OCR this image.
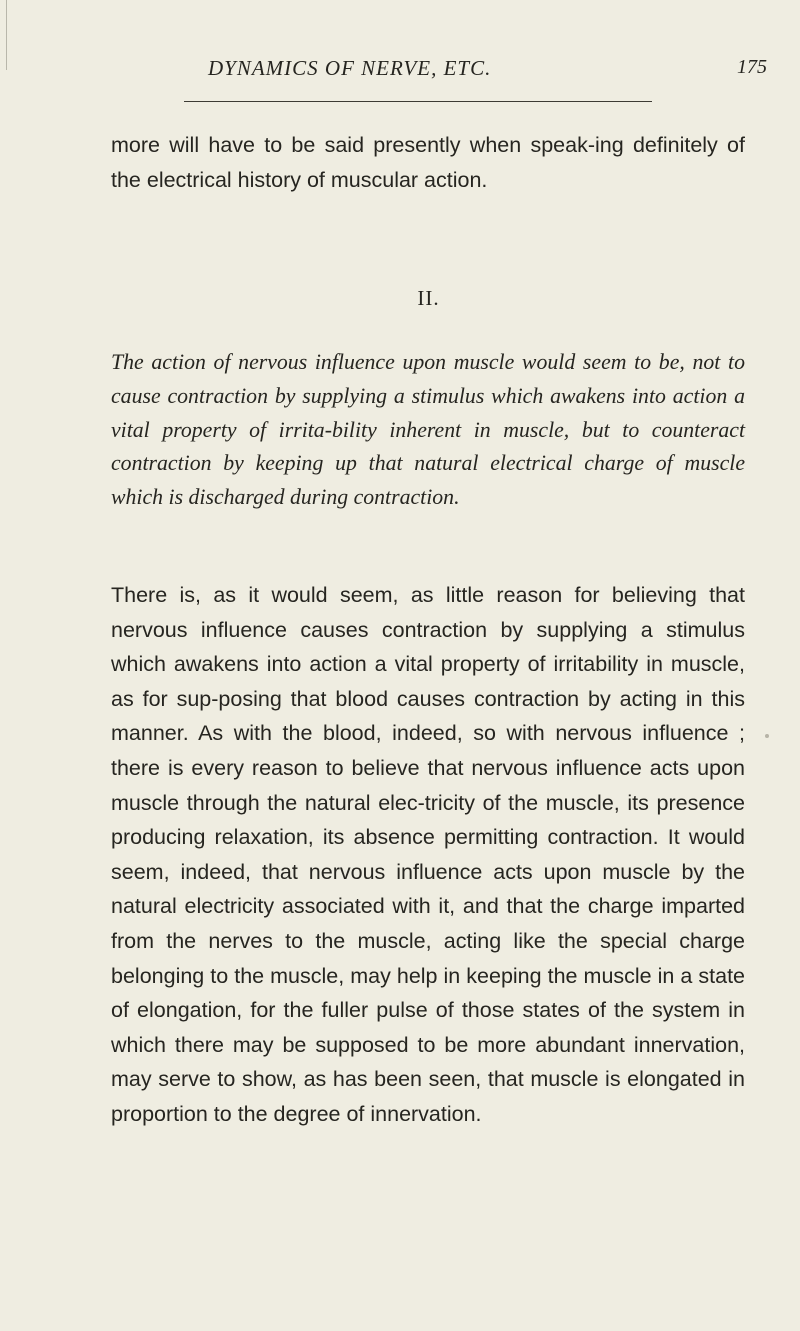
DYNAMICS OF NERVE, ETC.	175

more will have to be said presently when speak-ing definitely of the electrical history of muscular action.

II.

The action of nervous influence upon muscle would seem to be, not to cause contraction by supplying a stimulus which awakens into action a vital property of irrita-bility inherent in muscle, but to counteract contraction by keeping up that natural electrical charge of muscle which is discharged during contraction.

There is, as it would seem, as little reason for believing that nervous influence causes contraction by supplying a stimulus which awakens into action a vital property of irritability in muscle, as for sup-posing that blood causes contraction by acting in this manner. As with the blood, indeed, so with nervous influence ; there is every reason to believe that nervous influence acts upon muscle through the natural elec-tricity of the muscle, its presence producing relaxation, its absence permitting contraction. It would seem, indeed, that nervous influence acts upon muscle by the natural electricity associated with it, and that the charge imparted from the nerves to the muscle, acting like the special charge belonging to the muscle, may help in keeping the muscle in a state of elongation, for the fuller pulse of those states of the system in which there may be supposed to be more abundant innervation, may serve to show, as has been seen, that muscle is elongated in proportion to the degree of innervation.
